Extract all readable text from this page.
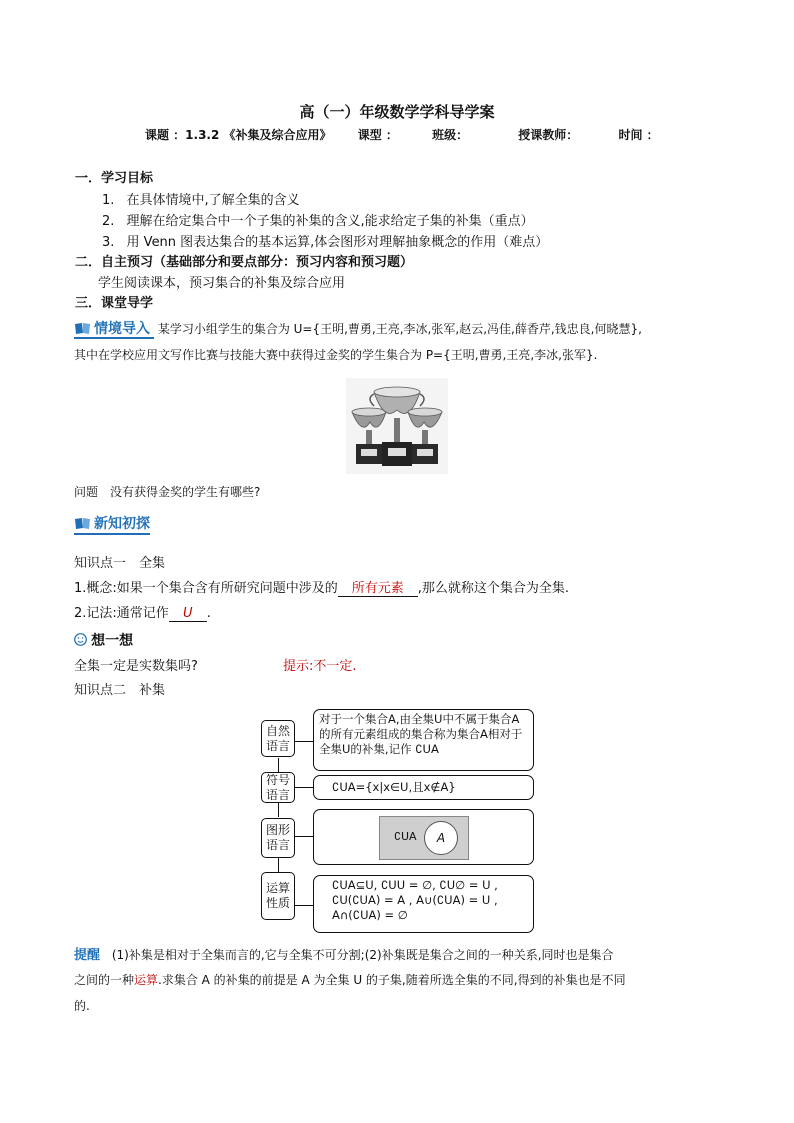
高（一）年级数学学科导学案
课题 ：1.3.2 《补集及综合应用》 课型 ：	班级：	授课教师：	时间 ：
一．学习目标
1. 在具体情境中,了解全集的含义
2. 理解在给定集合中一个子集的补集的含义,能求给定子集的补集（重点）
3. 用 Venn 图表达集合的基本运算,体会图形对理解抽象概念的作用（难点）
二．自主预习（基础部分和要点部分：预习内容和预习题）
学生阅读课本，预习集合的补集及综合应用
三．课堂导学
情境导入 某学习小组学生的集合为 U={王明,曹勇,王亮,李冰,张军,赵云,冯佳,薛香芹,钱忠良,何晓慧},
其中在学校应用文写作比赛与技能大赛中获得过金奖的学生集合为 P={王明,曹勇,王亮,李冰,张军}.
问题　没有获得金奖的学生有哪些?
新知初探
知识点一　全集
1.概念:如果一个集合含有所研究问题中涉及的 所有元素 ,那么就称这个集合为全集.
2.记法:通常记作 U .
想一想
全集一定是实数集吗?	提示:不一定.
知识点二　补集
自然语言
对于一个集合A,由全集U中不属于集合A的所有元素组成的集合称为集合A相对于全集U的补集,记作 ∁UA
符号语言
∁UA={x|x∈U,且x∉A}
图形语言
∁UA	A
运算性质
∁UA⊆U, ∁UU = ∅, ∁U∅ = U ,
∁U(∁UA) = A , A∪(∁UA) = U ,
A∩(∁UA) = ∅
提醒 (1)补集是相对于全集而言的,它与全集不可分割;(2)补集既是集合之间的一种关系,同时也是集合
之间的一种运算.求集合 A 的补集的前提是 A 为全集 U 的子集,随着所选全集的不同,得到的补集也是不同
的.
